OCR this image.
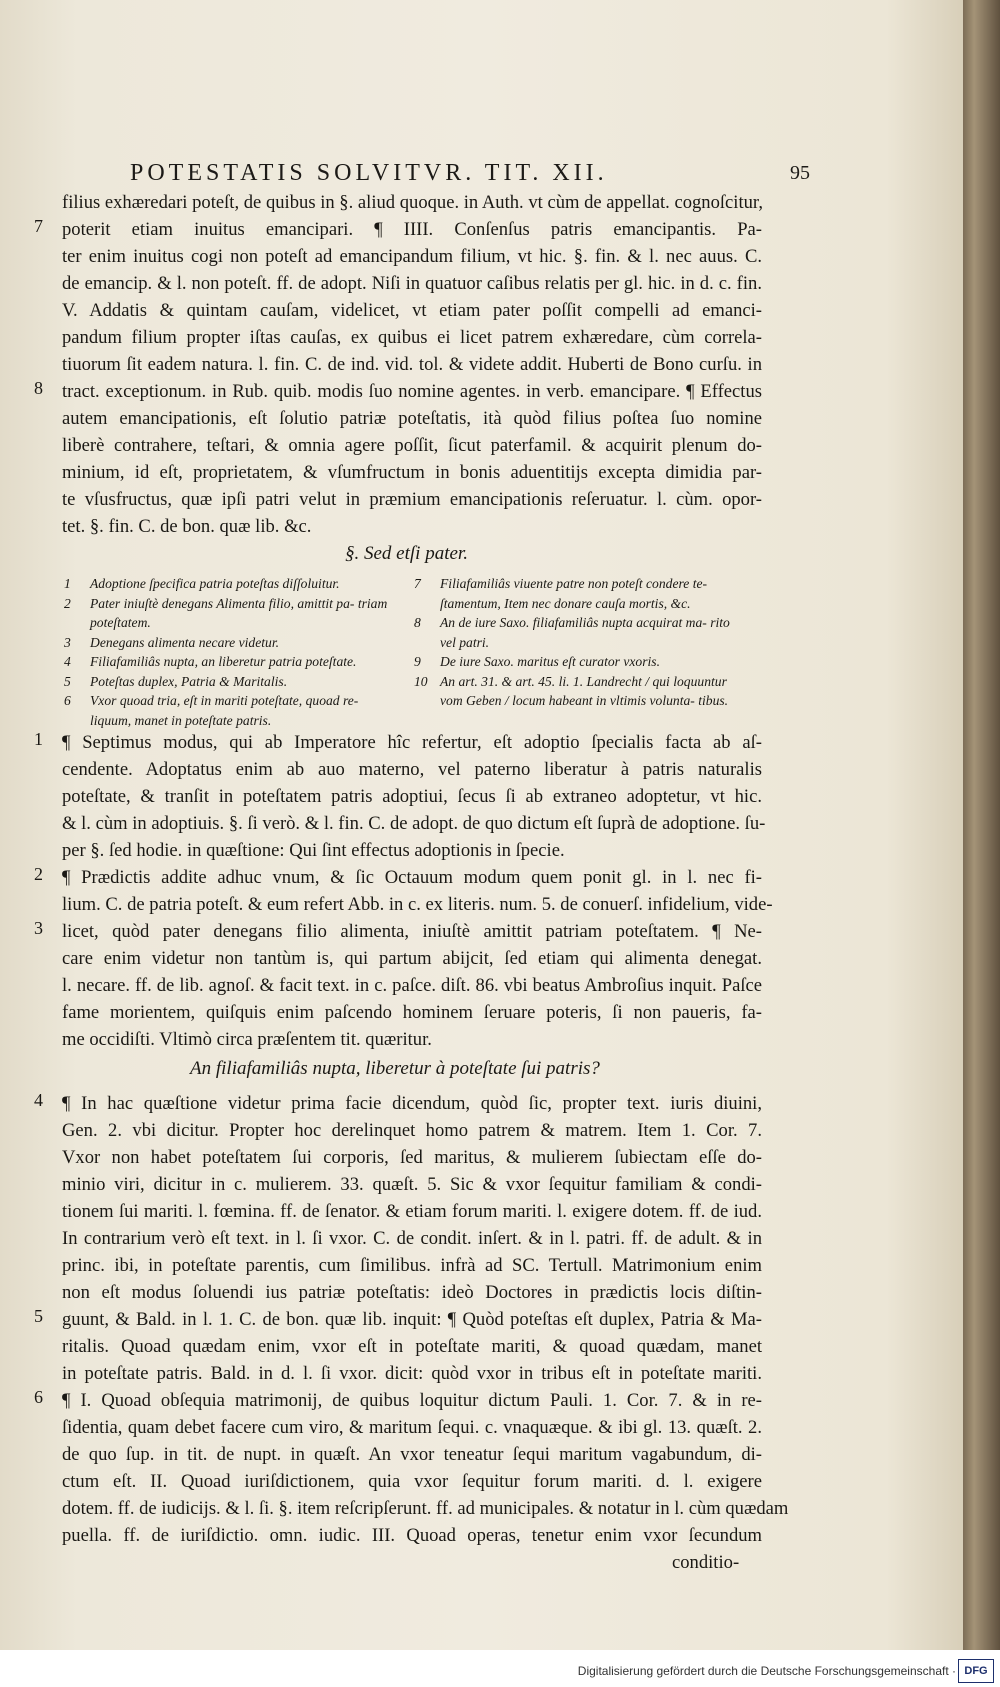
POTESTATIS SOLVITVR. TIT. XII.	95
filius exhæredari poteſt, de quibus in §. aliud quoque. in Auth. vt cùm de appellat. cognoſcitur,
poterit etiam inuitus emancipari. ¶ IIII. Conſenſus patris emancipantis. Pa-
ter enim inuitus cogi non poteſt ad emancipandum filium, vt hic. §. fin. & l. nec auus. C.
de emancip. & l. non poteſt. ff. de adopt. Niſi in quatuor caſibus relatis per gl. hic. in d. c. fin.
V. Addatis & quintam cauſam, videlicet, vt etiam pater poſſit compelli ad emanci-
pandum filium propter iſtas cauſas, ex quibus ei licet patrem exhæredare, cùm correla-
tiuorum ſit eadem natura. l. fin. C. de ind. vid. tol. & videte addit. Huberti de Bono curſu. in
tract. exceptionum. in Rub. quib. modis ſuo nomine agentes. in verb. emancipare. ¶ Effectus
autem emancipationis, eſt ſolutio patriæ poteſtatis, ità quòd filius poſtea ſuo nomine
liberè contrahere, teſtari, & omnia agere poſſit, ſicut paterfamil. & acquirit plenum do-
minium, id eſt, proprietatem, & vſumfructum in bonis aduentitijs excepta dimidia par-
te vſusfructus, quæ ipſi patri velut in præmium emancipationis reſeruatur. l. cùm. opor-
tet. §. fin. C. de bon. quæ lib. &c.
7
8
§. Sed etſi pater.
1 Adoptione ſpecifica patria poteſtas diſſoluitur.
2 Pater iniuſtè denegans Alimenta filio, amittit pa- triam poteſtatem.
3 Denegans alimenta necare videtur.
4 Filiafamiliâs nupta, an liberetur patria poteſtate.
5 Poteſtas duplex, Patria & Maritalis.
6 Vxor quoad tria, eſt in mariti poteſtate, quoad re- liquum, manet in poteſtate patris.
7 Filiafamiliâs viuente patre non poteſt condere te- ſtamentum, Item nec donare cauſa mortis, &c.
8 An de iure Saxo. filiafamiliâs nupta acquirat ma- rito vel patri.
9 De iure Saxo. maritus eſt curator vxoris.
10 An art. 31. & art. 45. li. 1. Landrecht / qui loquuntur vom Geben / locum habeant in vltimis volunta- tibus.
¶ Septimus modus, qui ab Imperatore hîc refertur, eſt adoptio ſpecialis facta ab aſ-
cendente. Adoptatus enim ab auo materno, vel paterno liberatur à patris naturalis
poteſtate, & tranſit in poteſtatem patris adoptiui, ſecus ſi ab extraneo adoptetur, vt hic.
& l. cùm in adoptiuis. §. ſi verò. & l. fin. C. de adopt. de quo dictum eſt ſuprà de adoptione. ſu-
per §. ſed hodie. in quæſtione: Qui ſint effectus adoptionis in ſpecie.
¶ Prædictis addite adhuc vnum, & ſic Octauum modum quem ponit gl. in l. nec fi-
lium. C. de patria poteſt. & eum refert Abb. in c. ex literis. num. 5. de conuerſ. infidelium, vide-
licet, quòd pater denegans filio alimenta, iniuſtè amittit patriam poteſtatem. ¶ Ne-
care enim videtur non tantùm is, qui partum abijcit, ſed etiam qui alimenta denegat.
l. necare. ff. de lib. agnoſ. & facit text. in c. paſce. diſt. 86. vbi beatus Ambroſius inquit. Paſce
fame morientem, quiſquis enim paſcendo hominem ſeruare poteris, ſi non paueris, fa-
me occidiſti. Vltimò circa præſentem tit. quæritur.
1
2
3
An filiafamiliâs nupta, liberetur à poteſtate ſui patris?
¶ In hac quæſtione videtur prima facie dicendum, quòd ſic, propter text. iuris diuini,
Gen. 2. vbi dicitur. Propter hoc derelinquet homo patrem & matrem. Item 1. Cor. 7.
Vxor non habet poteſtatem ſui corporis, ſed maritus, & mulierem ſubiectam eſſe do-
minio viri, dicitur in c. mulierem. 33. quæſt. 5. Sic & vxor ſequitur familiam & condi-
tionem ſui mariti. l. fœmina. ff. de ſenator. & etiam forum mariti. l. exigere dotem. ff. de iud.
In contrarium verò eſt text. in l. ſi vxor. C. de condit. inſert. & in l. patri. ff. de adult. & in
princ. ibi, in poteſtate parentis, cum ſimilibus. infrà ad SC. Tertull. Matrimonium enim
non eſt modus ſoluendi ius patriæ poteſtatis: ideò Doctores in prædictis locis diſtin-
guunt, & Bald. in l. 1. C. de bon. quæ lib. inquit: ¶ Quòd poteſtas eſt duplex, Patria & Ma-
ritalis. Quoad quædam enim, vxor eſt in poteſtate mariti, & quoad quædam, manet
in poteſtate patris. Bald. in d. l. ſi vxor. dicit: quòd vxor in tribus eſt in poteſtate mariti.
¶ I. Quoad obſequia matrimonij, de quibus loquitur dictum Pauli. 1. Cor. 7. & in re-
ſidentia, quam debet facere cum viro, & maritum ſequi. c. vnaquæque. & ibi gl. 13. quæſt. 2.
de quo ſup. in tit. de nupt. in quæſt. An vxor teneatur ſequi maritum vagabundum, di-
ctum eſt. II. Quoad iuriſdictionem, quia vxor ſequitur forum mariti. d. l. exigere
dotem. ff. de iudicijs. & l. ſi. §. item reſcripſerunt. ff. ad municipales. & notatur in l. cùm quædam
puella. ff. de iuriſdictio. omn. iudic. III. Quoad operas, tenetur enim vxor ſecundum
conditio-
4
5
6
Digitalisierung gefördert durch die Deutsche Forschungsgemeinschaft · DFG
